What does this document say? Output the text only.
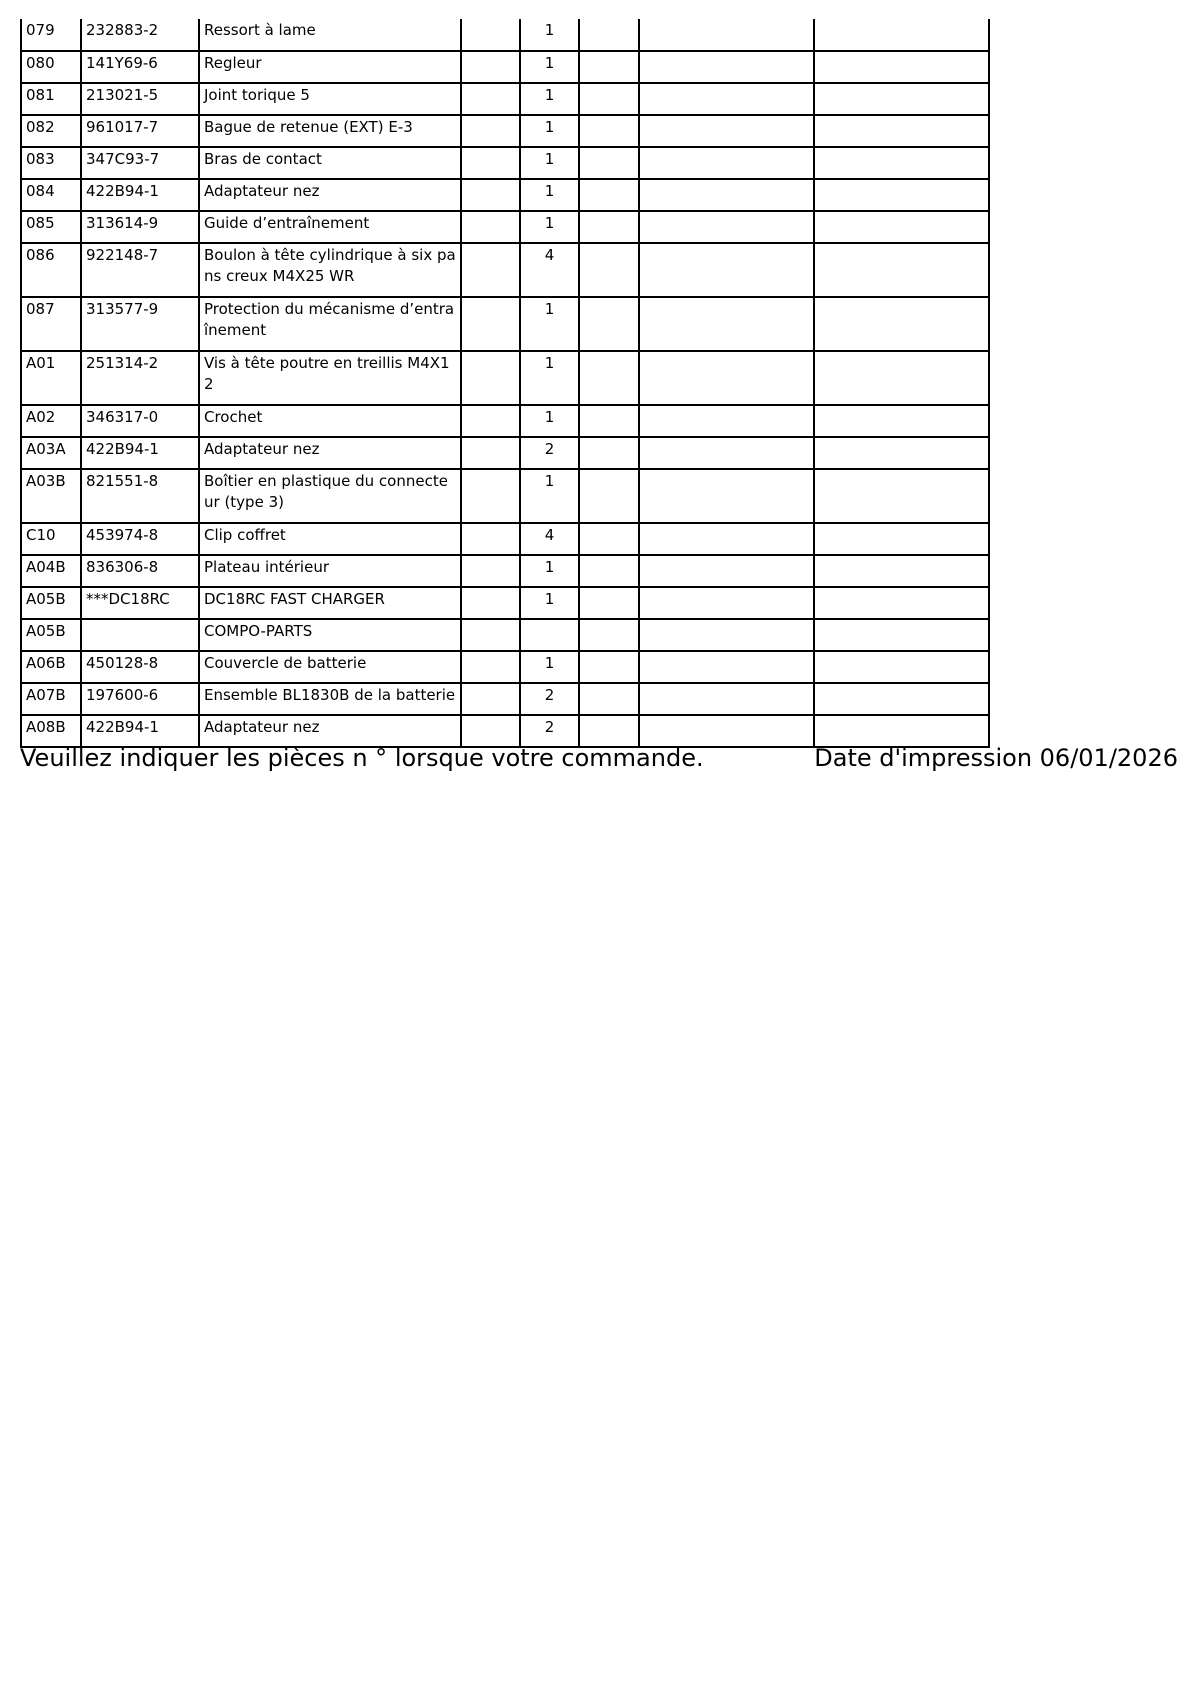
079	232883-2	Ressort à lame		1			
080	141Y69-6	Regleur		1			
081	213021-5	Joint torique 5		1			
082	961017-7	Bague de retenue (EXT) E-3		1			
083	347C93-7	Bras de contact		1			
084	422B94-1	Adaptateur nez		1			
085	313614-9	Guide d’entraînement		1			
086	922148-7	Boulon à tête cylindrique à six pans creux M4X25 WR		4			
087	313577-9	Protection du mécanisme d’entraînement		1			
A01	251314-2	Vis à tête poutre en treillis M4X12		1			
A02	346317-0	Crochet		1			
A03A	422B94-1	Adaptateur nez		2			
A03B	821551-8	Boîtier en plastique du connecteur (type 3)		1			
C10	453974-8	Clip coffret		4			
A04B	836306-8	Plateau intérieur		1			
A05B	***DC18RC	DC18RC FAST CHARGER		1			
A05B		COMPO-PARTS					

A06B	450128-8	Couvercle de batterie		1			
A07B	197600-6	Ensemble BL1830B de la batterie		2			
A08B	422B94-1	Adaptateur nez		2			
Veuillez indiquer les pièces n ° lorsque votre commande.	Date d'impression 06/01/2026
